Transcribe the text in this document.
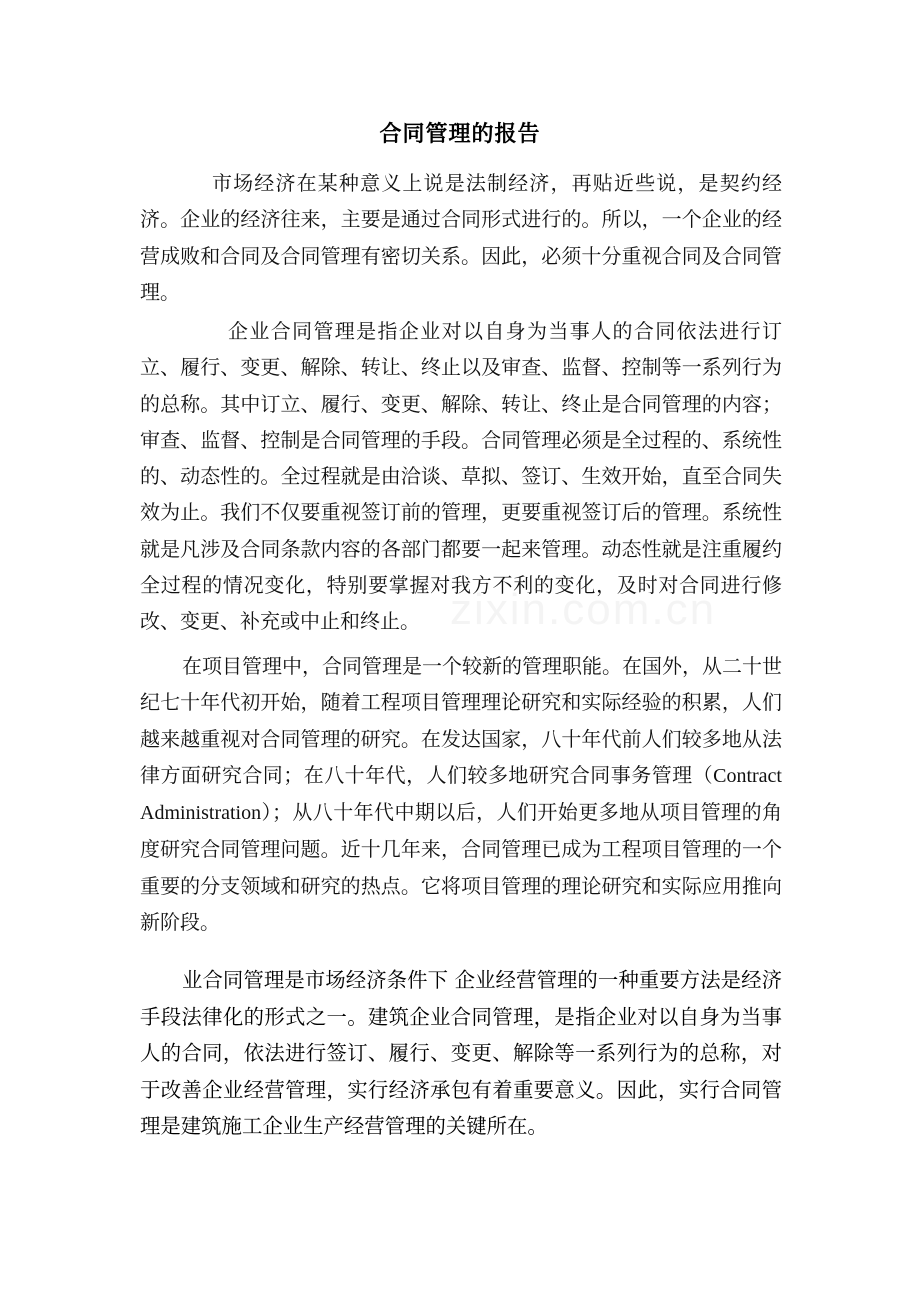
合同管理的报告

市场经济在某种意义上说是法制经济，再贴近些说，是契约经济。企业的经济往来，主要是通过合同形式进行的。所以，一个企业的经营成败和合同及合同管理有密切关系。因此，必须十分重视合同及合同管理。

企业合同管理是指企业对以自身为当事人的合同依法进行订立、履行、变更、解除、转让、终止以及审查、监督、控制等一系列行为的总称。其中订立、履行、变更、解除、转让、终止是合同管理的内容；审查、监督、控制是合同管理的手段。合同管理必须是全过程的、系统性的、动态性的。全过程就是由洽谈、草拟、签订、生效开始，直至合同失效为止。我们不仅要重视签订前的管理，更要重视签订后的管理。系统性就是凡涉及合同条款内容的各部门都要一起来管理。动态性就是注重履约全过程的情况变化，特别要掌握对我方不利的变化，及时对合同进行修改、变更、补充或中止和终止。

在项目管理中，合同管理是一个较新的管理职能。在国外，从二十世纪七十年代初开始，随着工程项目管理理论研究和实际经验的积累，人们越来越重视对合同管理的研究。在发达国家，八十年代前人们较多地从法律方面研究合同；在八十年代，人们较多地研究合同事务管理（Contract Administration）；从八十年代中期以后，人们开始更多地从项目管理的角度研究合同管理问题。近十几年来，合同管理已成为工程项目管理的一个重要的分支领域和研究的热点。它将项目管理的理论研究和实际应用推向新阶段。

业合同管理是市场经济条件下 企业经营管理的一种重要方法是经济手段法律化的形式之一。建筑企业合同管理，是指企业对以自身为当事人的合同，依法进行签订、履行、变更、解除等一系列行为的总称，对于改善企业经营管理，实行经济承包有着重要意义。因此，实行合同管理是建筑施工企业生产经营管理的关键所在。

zixin.com.cn
